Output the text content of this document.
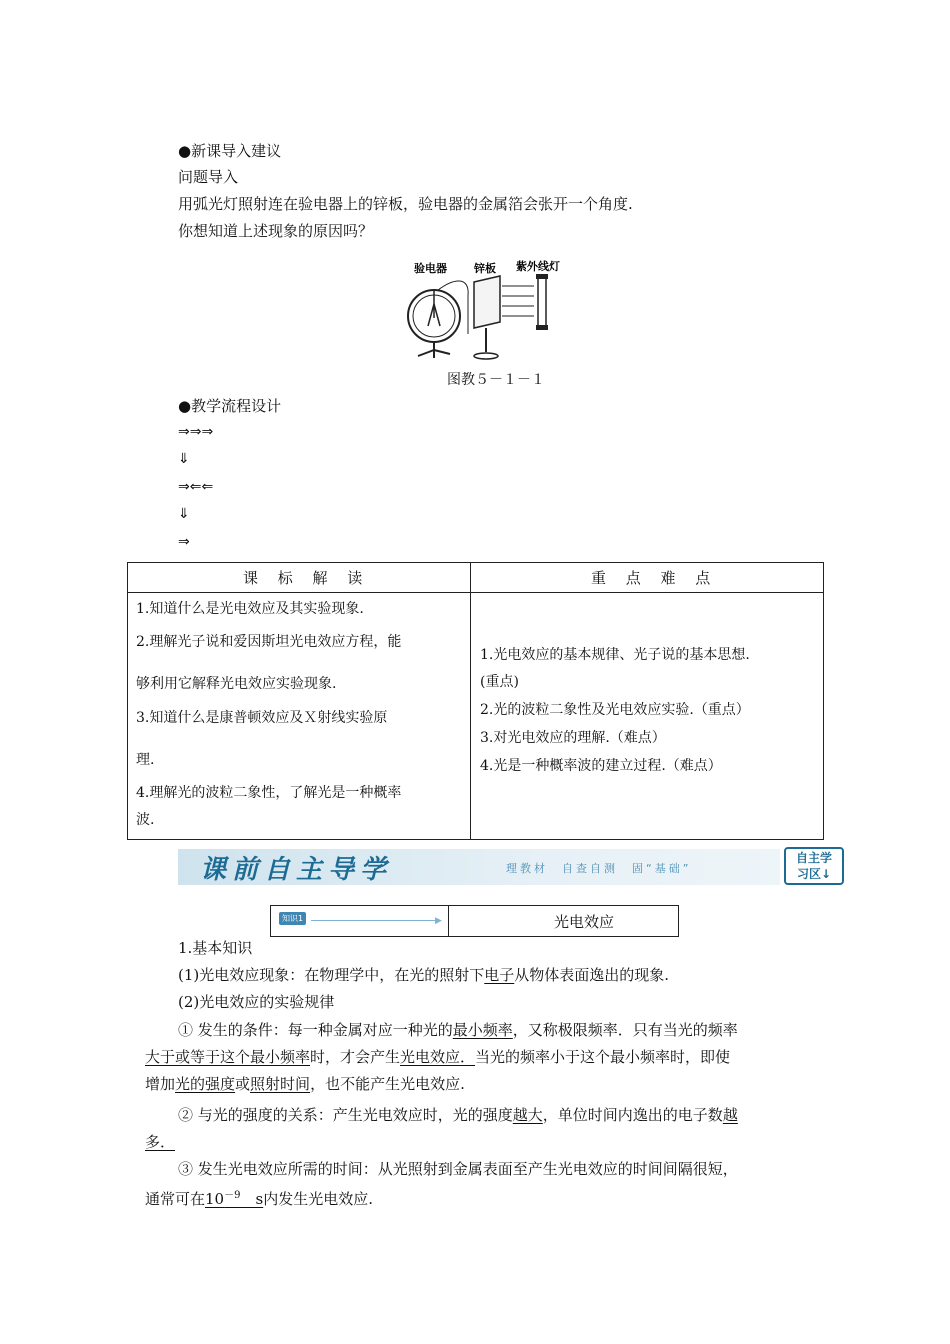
●新课导入建议
问题导入
用弧光灯照射连在验电器上的锌板，验电器的金属箔会张开一个角度.
你想知道上述现象的原因吗？
验电器 锌板 紫外线灯
图教５－１－１
●教学流程设计
⇒⇒⇒
⇓
⇒⇐⇐
⇓
⇒
课　 标　 解　 读	重　 点　 难　 点
1.知道什么是光电效应及其实验现象.
2.理解光子说和爱因斯坦光电效应方程，能
够利用它解释光电效应实验现象.
3.知道什么是康普顿效应及Ｘ射线实验原
理.
4.理解光的波粒二象性，了解光是一种概率
波.
1.光电效应的基本规律、光子说的基本思想.
(重点)
2.光的波粒二象性及光电效应实验.（重点）
3.对光电效应的理解.（难点）
4.光是一种概率波的建立过程.（难点）
课前自主导学	理教材　自查自测　固“基础”
自主学
习区↓
知识1	▶	光电效应
1.基本知识
(1)光电效应现象：在物理学中，在光的照射下电子从物体表面逸出的现象.
(2)光电效应的实验规律
① 发生的条件：每一种金属对应一种光的最小频率，又称极限频率．只有当光的频率
大于或等于这个最小频率时，才会产生光电效应．当光的频率小于这个最小频率时，即使
增加光的强度或照射时间，也不能产生光电效应.
② 与光的强度的关系：产生光电效应时，光的强度越大，单位时间内逸出的电子数越
多．
③ 发生光电效应所需的时间：从光照射到金属表面至产生光电效应的时间间隔很短，
通常可在$10^{-9}$　s内发生光电效应.
